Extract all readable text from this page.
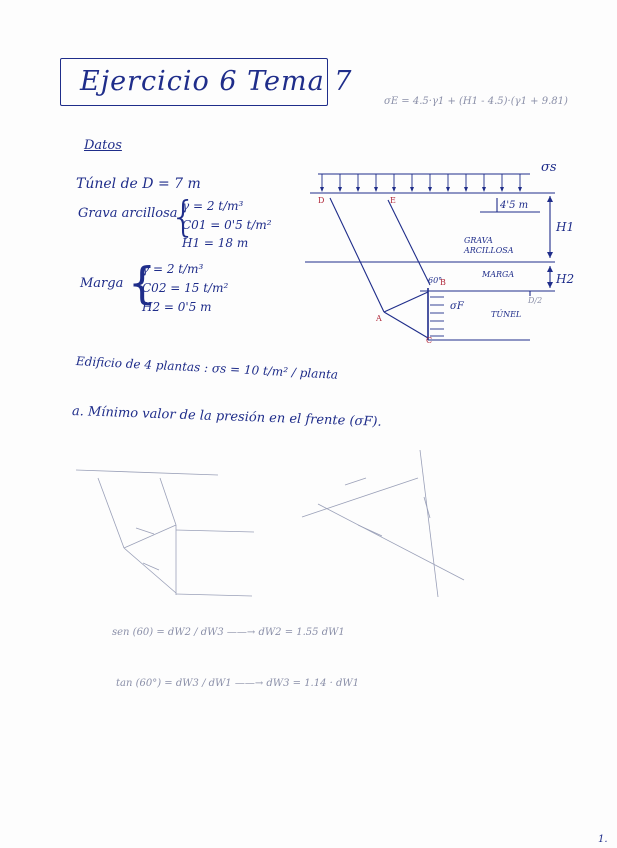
Ejercicio 6 Tema 7
σE = 4.5·γ1 + (H1 - 4.5)·(γ1 + 9.81)
Datos
Túnel de D = 7 m
Grava arcillosa
{
γ = 2 t/m³
C01 = 0'5 t/m²
H1 = 18 m
Marga {
γ = 2 t/m³
C02 = 15 t/m²
H2 = 0'5 m
Edificio de 4 plantas : σs = 10 t/m² / planta
a. Mínimo valor de la presión en el frente (σF).
σs
H1
H2
4'5 m
GRAVA ARCILLOSA
MARGA
TÚNEL
σF
60°
D/2
D	E
B
A
C
sen (60) = dW2 / dW3 ——→ dW2 = 1.55 dW1
tan (60°) = dW3 / dW1 ——→ dW3 = 1.14 · dW1
1.
